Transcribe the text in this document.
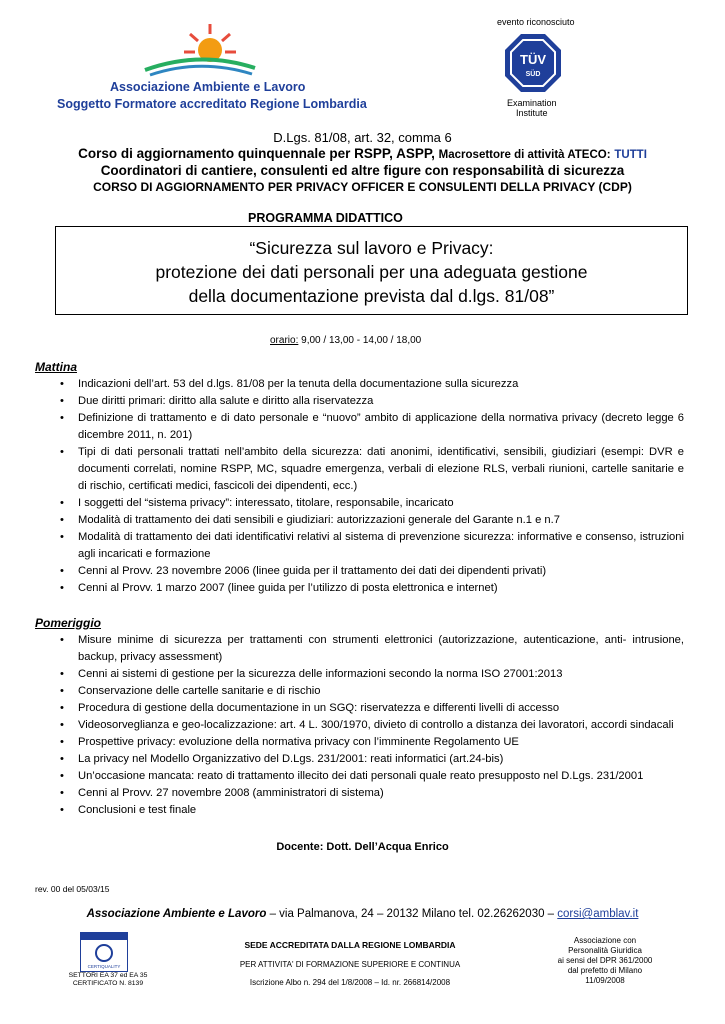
Associazione Ambiente e Lavoro
Soggetto Formatore accreditato Regione Lombardia
evento riconosciuto
TÜV
SÜD
Examination
Institute
D.Lgs. 81/08, art. 32, comma 6
Corso di aggiornamento quinquennale per RSPP, ASPP, Macrosettore di attività ATECO: TUTTI
Coordinatori di cantiere, consulenti ed altre figure con responsabilità di sicurezza
CORSO DI AGGIORNAMENTO PER PRIVACY OFFICER E CONSULENTI DELLA PRIVACY (CDP)
PROGRAMMA DIDATTICO
“Sicurezza sul lavoro e Privacy:
protezione dei dati personali per una adeguata gestione
della documentazione prevista dal d.lgs. 81/08”
orario: 9,00 / 13,00 - 14,00 / 18,00
Mattina
• Indicazioni dell’art. 53 del d.lgs. 81/08 per la tenuta della documentazione sulla sicurezza
• Due diritti primari: diritto alla salute e diritto alla riservatezza
• Definizione di trattamento e di dato personale e “nuovo” ambito di applicazione della normativa privacy (decreto legge 6 dicembre 2011, n. 201)
• Tipi di dati personali trattati nell’ambito della sicurezza: dati anonimi, identificativi, sensibili, giudiziari (esempi: DVR e documenti correlati, nomine RSPP, MC, squadre emergenza, verbali di elezione RLS, verbali riunioni, cartelle sanitarie e di rischio, certificati medici, fascicoli dei dipendenti, ecc.)
• I soggetti del “sistema privacy”: interessato, titolare, responsabile, incaricato
• Modalità di trattamento dei dati sensibili e giudiziari: autorizzazioni generale del Garante n.1 e n.7
• Modalità di trattamento dei dati identificativi relativi al sistema di prevenzione sicurezza: informative e consenso, istruzioni agli incaricati e formazione
• Cenni al Provv. 23 novembre 2006 (linee guida per il trattamento dei dati dei dipendenti privati)
• Cenni al Provv. 1 marzo 2007 (linee guida per l’utilizzo di posta elettronica e internet)
Pomeriggio
• Misure minime di sicurezza per trattamenti con strumenti elettronici (autorizzazione, autenticazione, anti- intrusione, backup, privacy assessment)
• Cenni ai sistemi di gestione per la sicurezza delle informazioni secondo la norma ISO 27001:2013
• Conservazione delle cartelle sanitarie e di rischio
• Procedura di gestione della documentazione in un SGQ: riservatezza e differenti livelli di accesso
• Videosorveglianza e geo-localizzazione: art. 4 L. 300/1970, divieto di controllo a distanza dei lavoratori, accordi sindacali
• Prospettive privacy: evoluzione della normativa privacy con l’imminente Regolamento UE
• La privacy nel Modello Organizzativo del D.Lgs. 231/2001: reati informatici (art.24-bis)
• Un’occasione mancata: reato di trattamento illecito dei dati personali quale reato presupposto nel D.Lgs. 231/2001
• Cenni al Provv. 27 novembre 2008 (amministratori di sistema)
• Conclusioni e test finale
Docente: Dott. Dell’Acqua Enrico
rev. 00 del 05/03/15
Associazione Ambiente e Lavoro – via Palmanova, 24 – 20132 Milano tel. 02.26262030 – corsi@amblav.it
CERTIQUALITY
SETTORI EA 37 ed EA 35
CERTIFICATO N. 8139
SEDE ACCREDITATA DALLA REGIONE LOMBARDIA
PER ATTIVITA' DI FORMAZIONE SUPERIORE E CONTINUA
Iscrizione Albo n. 294 del 1/8/2008 – Id. nr. 266814/2008
Associazione con
Personalità Giuridica
ai sensi del DPR 361/2000
dal prefetto di Milano
11/09/2008
